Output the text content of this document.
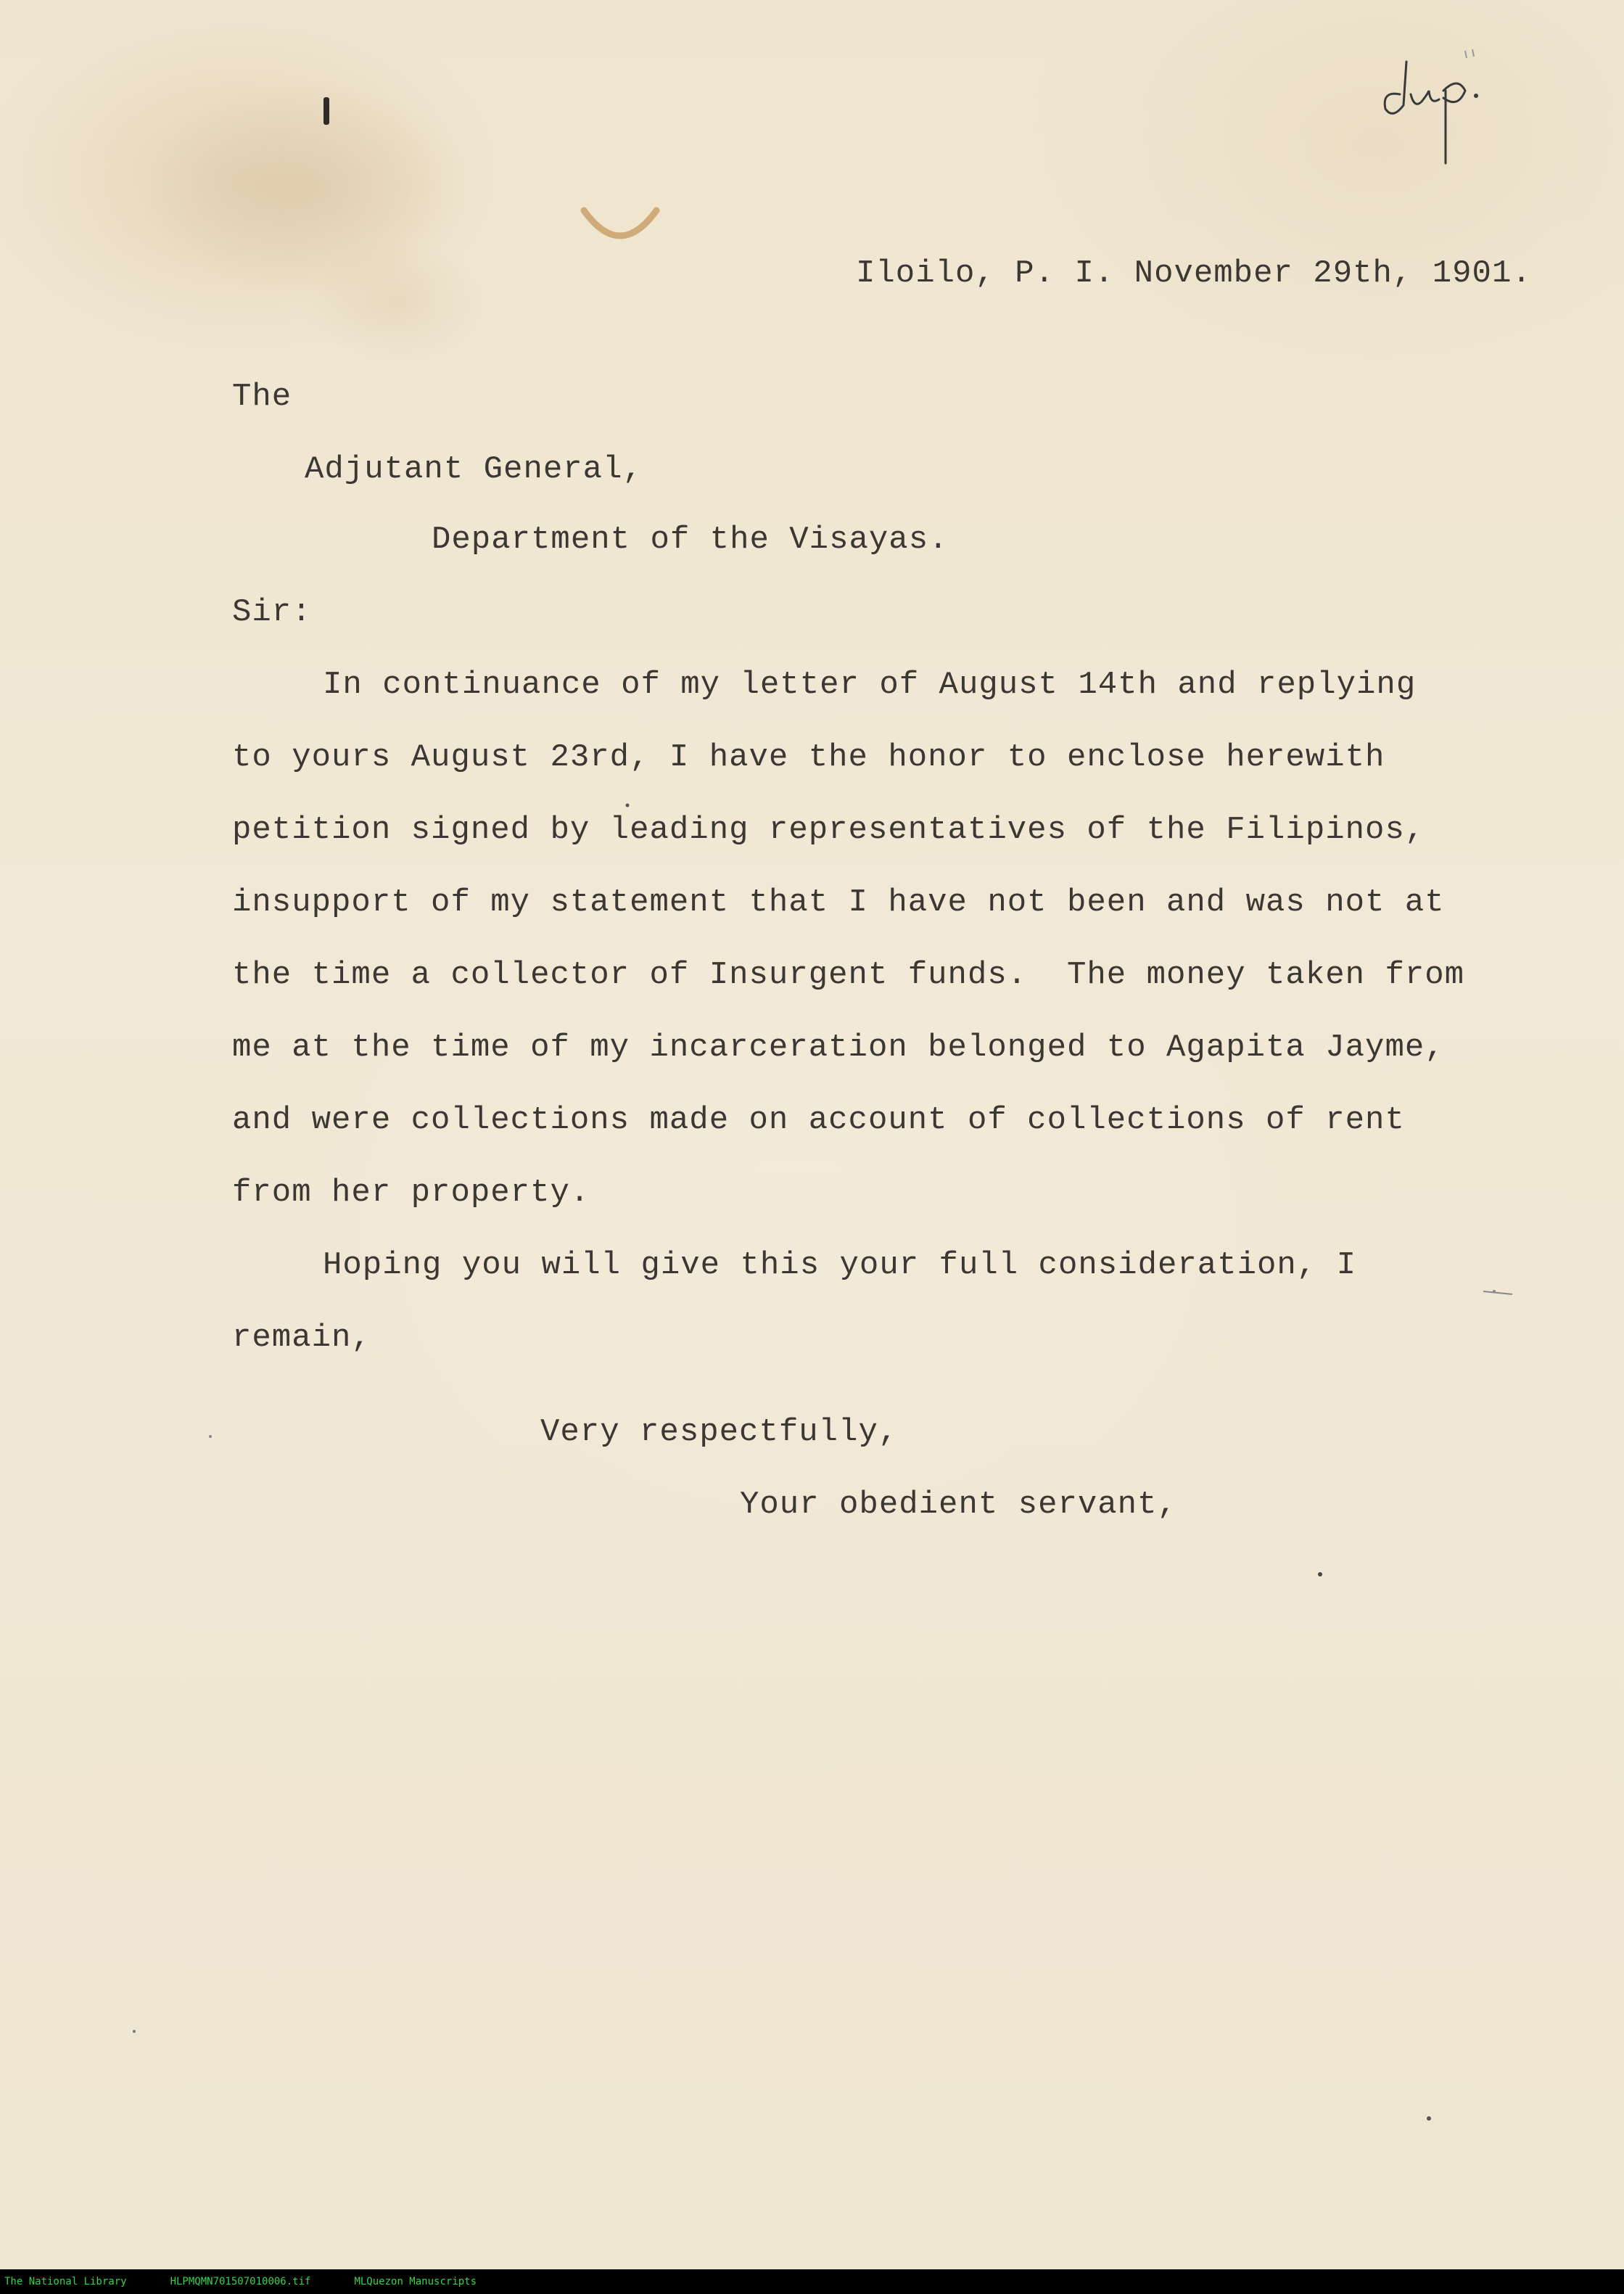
Iloilo, P. I. November 29th, 1901.
The
Adjutant General,
Department of the Visayas.
Sir:
In continuance of my letter of August 14th and replying
to yours August 23rd, I have the honor to enclose herewith
petition signed by leading representatives of the Filipinos,
insupport of my statement that I have not been and was not at
the time a collector of Insurgent funds.  The money taken from
me at the time of my incarceration belonged to Agapita Jayme,
and were collections made on account of collections of rent
from her property.
Hoping you will give this your full consideration, I
remain,
Very respectfully,
Your obedient servant,
The National Library	HLPMQMN701507010006.tif	MLQuezon Manuscripts
